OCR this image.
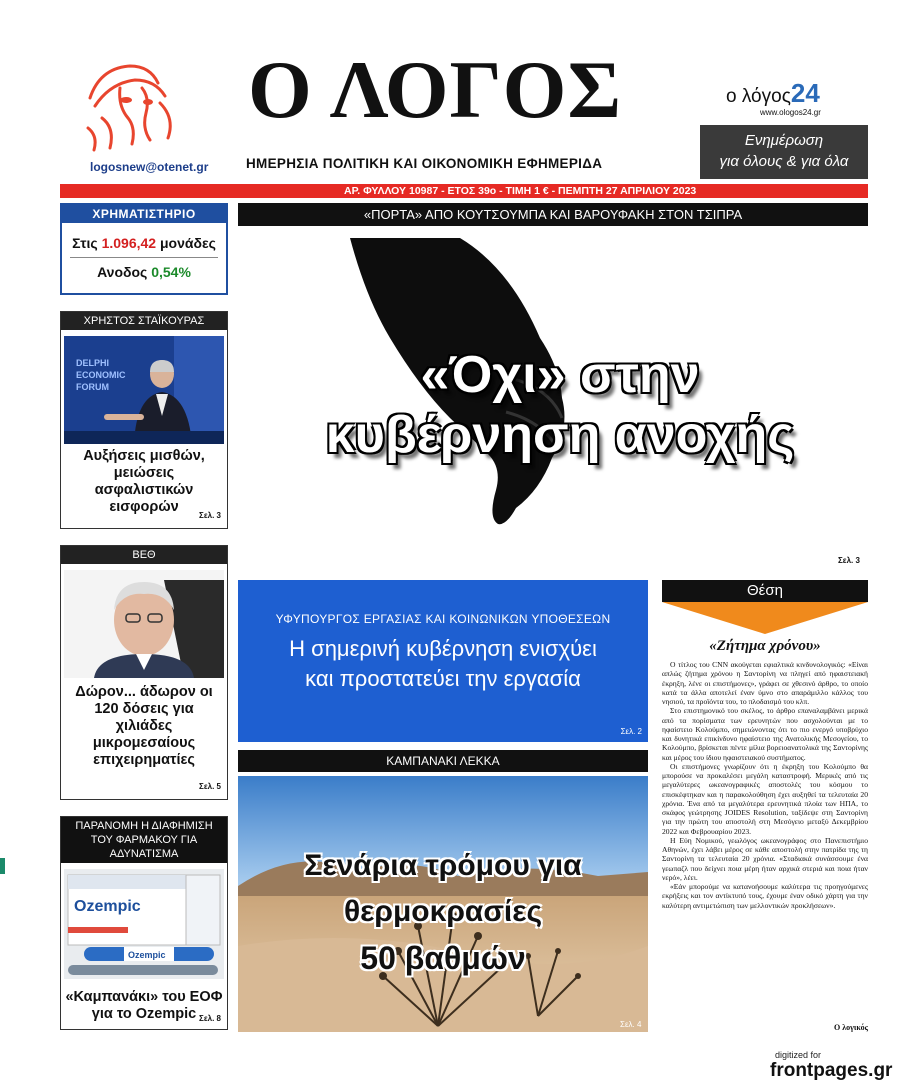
logosnew@otenet.gr
Ο ΛΟΓΟΣ
ΗΜΕΡΗΣΙΑ ΠΟΛΙΤΙΚΗ ΚΑΙ ΟΙΚΟΝΟΜΙΚΗ ΕΦΗΜΕΡΙΔΑ
ο λόγος24
www.ologos24.gr
Ενημέρωση
για όλους & για όλα
ΑΡ. ΦΥΛΛΟΥ 10987 - ΕΤΟΣ 39ο - ΤΙΜΗ 1 € - ΠΕΜΠΤΗ 27 ΑΠΡΙΛΙΟΥ 2023
ΧΡΗΜΑΤΙΣΤΗΡΙΟ
Στις 1.096,42 μονάδες
Ανοδος 0,54%
ΧΡΗΣΤΟΣ ΣΤΑΪΚΟΥΡΑΣ
DELPHI
ECONOMIC
FORUM
Αυξήσεις μισθών, μειώσεις ασφαλιστικών εισφορών
Σελ. 3
ΒΕΘ
Δώρον... άδωρον οι 120 δόσεις για χιλιάδες μικρομεσαίους επιχειρηματίες
Σελ. 5
ΠΑΡΑΝΟΜΗ Η ΔΙΑΦΗΜΙΣΗ
ΤΟΥ ΦΑΡΜΑΚΟΥ ΓΙΑ ΑΔΥΝΑΤΙΣΜΑ
Ozempic
Ozempic
«Καμπανάκι» του ΕΟΦ για το Ozempic Σελ. 8
«ΠΟΡΤΑ» ΑΠΟ ΚΟΥΤΣΟΥΜΠΑ ΚΑΙ ΒΑΡΟΥΦΑΚΗ ΣΤΟΝ ΤΣΙΠΡΑ
«Όχι» στην
κυβέρνηση ανοχής
Σελ. 3
ΥΦΥΠΟΥΡΓΟΣ ΕΡΓΑΣΙΑΣ ΚΑΙ ΚΟΙΝΩΝΙΚΩΝ ΥΠΟΘΕΣΕΩΝ
Η σημερινή κυβέρνηση ενισχύει
και προστατεύει την εργασία
Σελ. 2
ΚΑΜΠΑΝΑΚΙ ΛΕΚΚΑ
Σενάρια τρόμου για θερμοκρασίες
50 βαθμών
Σελ. 4
Θέση
«Ζήτημα χρόνου»

Ο τίτλος του CNN ακούγεται εφιαλτικά κινδυνολογικός: «Είναι απλώς ζήτημα χρόνου η Σαντορίνη να πληγεί από ηφαιστειακή έκρηξη, λένε οι επιστήμονες», γράφει σε χθεσινό άρθρο, το οποίο κατά τα άλλα αποτελεί έναν ύμνο στο απαράμιλλο κάλλος του νησιού, τα προϊόντα του, το πλοδαισμό του κλπ.

Στο επιστημονικό του σκέλος, το άρθρο επαναλαμβάνει μερικά από τα πορίσματα των ερευνητών που ασχολούνται με το ηφαίστειο Κολούμπο, σημειώνοντας ότι το πιο ενεργό υποβρύχιο και δυνητικά επικίνδυνο ηφαίστειο της Ανατολικής Μεσογείου, το Κολούμπο, βρίσκεται πέντε μίλια βορειοανατολικά της Σαντορίνης και μέρος του ίδιου ηφαιστειακού συστήματος.

Οι επιστήμονες γνωρίζουν ότι η έκρηξη του Κολούμπο θα μπορούσε να προκαλέσει μεγάλη καταστροφή. Μερικές από τις μεγαλύτερες ωκεανογραφικές αποστολές του κόσμου το επισκέφτηκαν και η παρακολούθηση έχει αυξηθεί τα τελευταία 20 χρόνια. Ένα από τα μεγαλύτερα ερευνητικά πλοία των ΗΠΑ, το σκάφος γεώτρησης JOIDES Resolution, ταξίδεψε στη Σαντορίνη για την πρώτη του αποστολή στη Μεσόγειο μεταξύ Δεκεμβρίου 2022 και Φεβρουαρίου 2023.

Η Εύη Νομικού, γεωλόγος ωκεανογράφος στο Πανεπιστήμιο Αθηνών, έχει λάβει μέρος σε κάθε αποστολή στην πατρίδα της τη Σαντορίνη τα τελευταία 20 χρόνια. «Σταδιακά συνάσσουμε ένα γεωπαζλ που δείχνει ποια μέρη ήταν αρχικά στεριά και ποια ήταν νερό», λέει.

«Εάν μπορούμε να κατανοήσουμε καλύτερα τις προηγούμενες εκρήξεις και τον αντίκτυπό τους, έχουμε έναν οδικό χάρτη για την καλύτερη αντιμετώπιση των μελλοντικών προκλήσεων».

Ο λογικός
digitized for
frontpages.gr
